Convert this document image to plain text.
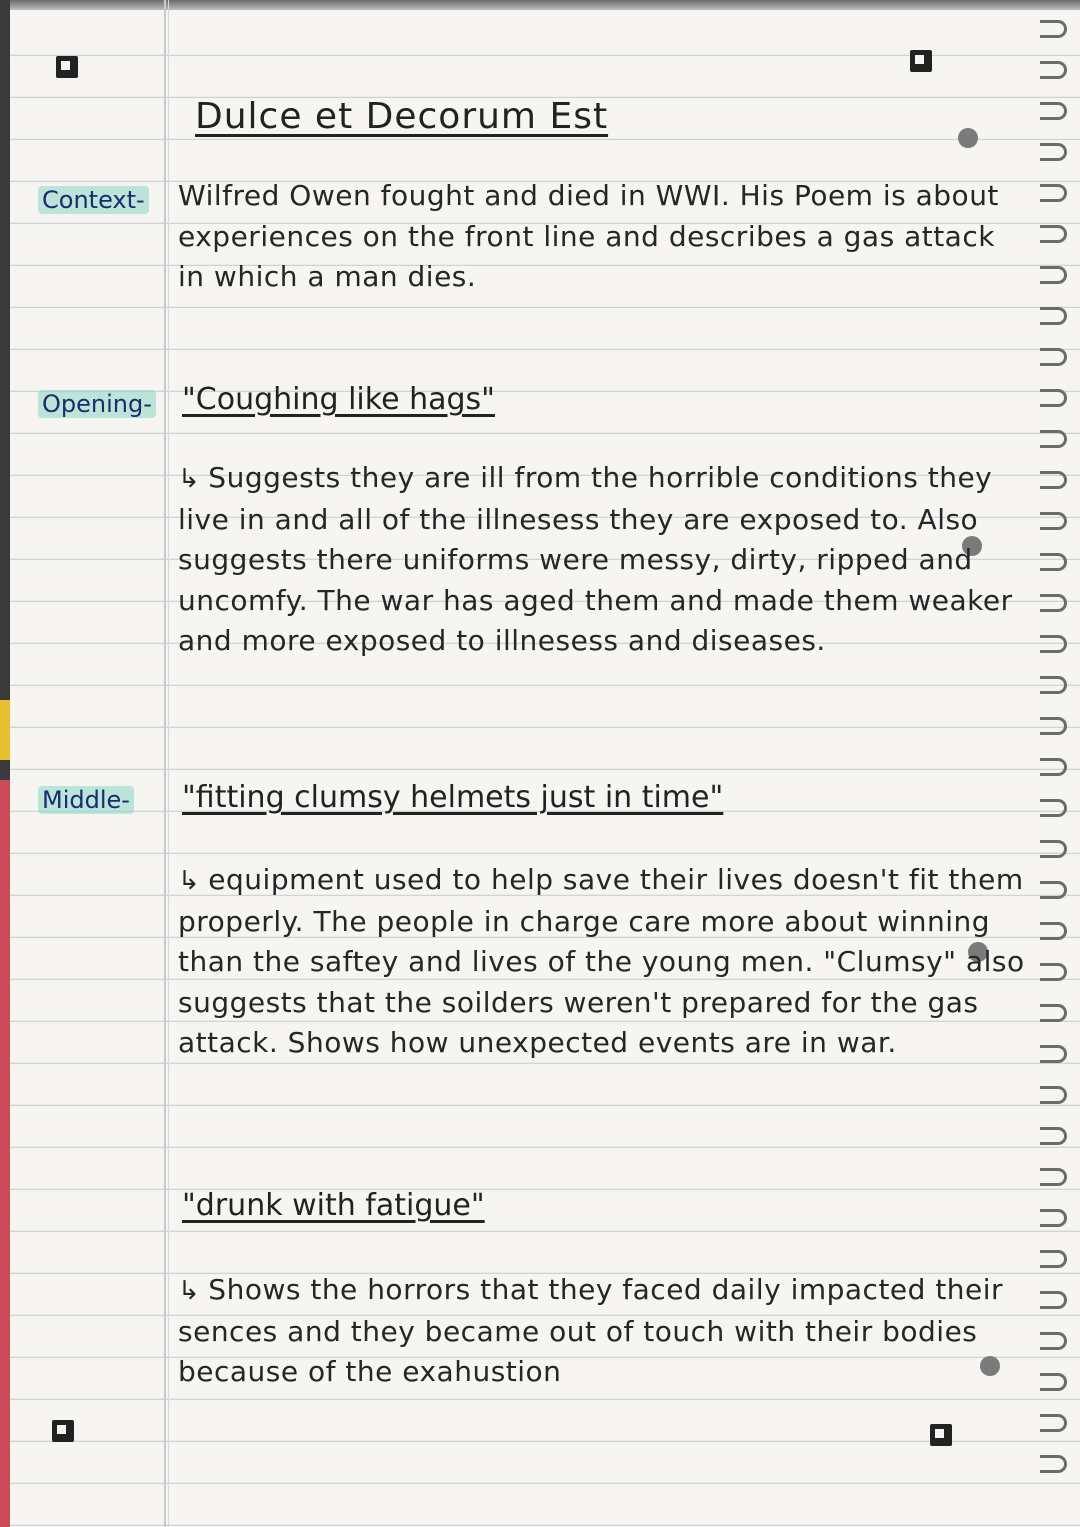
Dulce et Decorum Est
Context- Wilfred Owen fought and died in WWI. His Poem is about experiences on the front line and describes a gas attack in which a man dies.

Opening- "Coughing like hags"

↳ Suggests they are ill from the horrible conditions they live in and all of the illnesess they are exposed to. Also suggests there uniforms were messy, dirty, ripped and uncomfy. The war has aged them and made them weaker and more exposed to illnesess and diseases.

Middle- "fitting clumsy helmets just in time"

↳ equipment used to help save their lives doesn't fit them properly. The people in charge care more about winning than the saftey and lives of the young men. "Clumsy" also suggests that the soilders weren't prepared for the gas attack. Shows how unexpected events are in war.

"drunk with fatigue"

↳ Shows the horrors that they faced daily impacted their sences and they became out of touch with their bodies because of the exahustion
